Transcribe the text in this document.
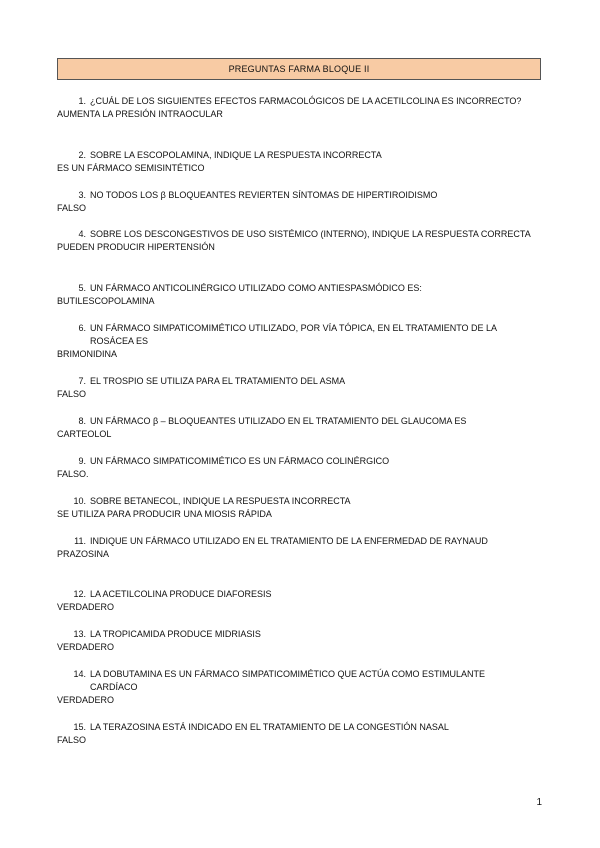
PREGUNTAS FARMA BLOQUE II
1. ¿CUÁL DE LOS SIGUIENTES EFECTOS FARMACOLÓGICOS DE LA ACETILCOLINA ES INCORRECTO?
AUMENTA LA PRESIÓN INTRAOCULAR
2. SOBRE LA ESCOPOLAMINA, INDIQUE LA RESPUESTA INCORRECTA
ES UN FÁRMACO SEMISINTÉTICO
3. NO TODOS LOS β BLOQUEANTES REVIERTEN SÍNTOMAS DE HIPERTIROIDISMO
FALSO
4. SOBRE LOS DESCONGESTIVOS DE USO SISTÉMICO (INTERNO), INDIQUE LA RESPUESTA CORRECTA
PUEDEN PRODUCIR HIPERTENSIÓN
5. UN FÁRMACO ANTICOLINÉRGICO UTILIZADO COMO ANTIESPASMÓDICO ES:
BUTILESCOPOLAMINA
6. UN FÁRMACO SIMPATICOMIMÉTICO UTILIZADO, POR VÍA TÓPICA, EN EL TRATAMIENTO DE LA ROSÁCEA ES
BRIMONIDINA
7. EL TROSPIO SE UTILIZA PARA EL TRATAMIENTO DEL ASMA
FALSO
8. UN FÁRMACO β – BLOQUEANTES UTILIZADO EN EL TRATAMIENTO DEL GLAUCOMA ES
CARTEOLOL
9. UN FÁRMACO SIMPATICOMIMÉTICO ES UN FÁRMACO COLINÉRGICO
FALSO.
10. SOBRE BETANECOL, INDIQUE LA RESPUESTA INCORRECTA
SE UTILIZA PARA PRODUCIR UNA MIOSIS RÁPIDA
11. INDIQUE UN FÁRMACO UTILIZADO EN EL TRATAMIENTO DE LA ENFERMEDAD DE RAYNAUD
PRAZOSINA
12. LA ACETILCOLINA PRODUCE DIAFORESIS
VERDADERO
13. LA TROPICAMIDA PRODUCE MIDRIASIS
VERDADERO
14. LA DOBUTAMINA ES UN FÁRMACO SIMPATICOMIMÉTICO QUE ACTÚA COMO ESTIMULANTE CARDÍACO
VERDADERO
15. LA TERAZOSINA ESTÁ INDICADO EN EL TRATAMIENTO DE LA CONGESTIÓN NASAL
FALSO
1
